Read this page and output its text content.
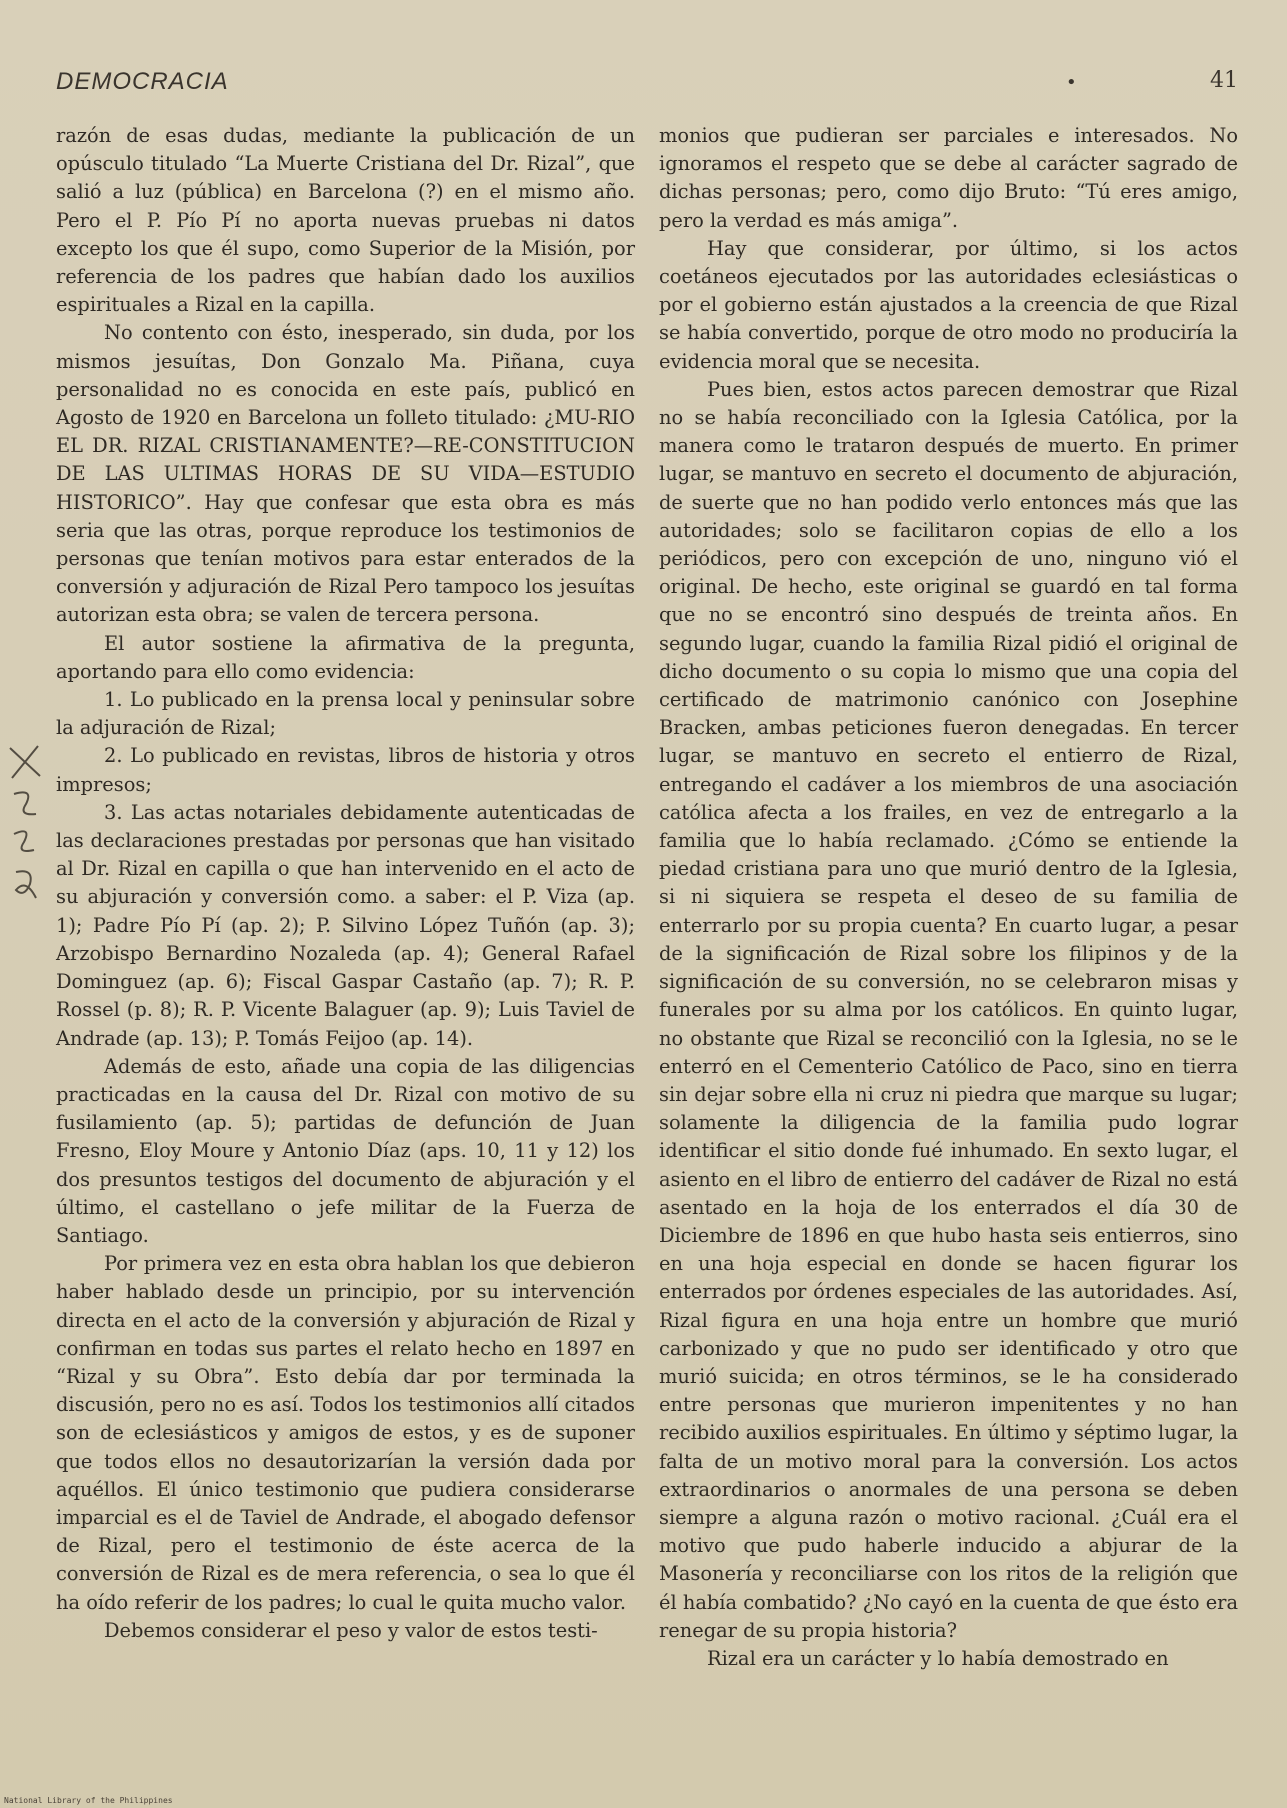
DEMOCRACIA	•	41

razón de esas dudas, mediante la publicación de un opúsculo titulado “La Muerte Cristiana del Dr. Rizal”, que salió a luz (pública) en Barcelona (?) en el mismo año. Pero el P. Pío Pí no aporta nuevas pruebas ni datos excepto los que él supo, como Superior de la Misión, por referencia de los padres que habían dado los auxilios espirituales a Rizal en la capilla.

No contento con ésto, inesperado, sin duda, por los mismos jesuítas, Don Gonzalo Ma. Piñana, cuya personalidad no es conocida en este país, publicó en Agosto de 1920 en Barcelona un folleto titulado: ¿MU-RIO EL DR. RIZAL CRISTIANAMENTE?—RE-CONSTITUCION DE LAS ULTIMAS HORAS DE SU VIDA—ESTUDIO HISTORICO”. Hay que confesar que esta obra es más seria que las otras, porque reproduce los testimonios de personas que tenían motivos para estar enterados de la conversión y adjuración de Rizal Pero tampoco los jesuítas autorizan esta obra; se valen de tercera persona.

El autor sostiene la afirmativa de la pregunta, aportando para ello como evidencia:

1. Lo publicado en la prensa local y peninsular sobre la adjuración de Rizal;

2. Lo publicado en revistas, libros de historia y otros impresos;

3. Las actas notariales debidamente autenticadas de las declaraciones prestadas por personas que han visitado al Dr. Rizal en capilla o que han intervenido en el acto de su abjuración y conversión como. a saber: el P. Viza (ap. 1); Padre Pío Pí (ap. 2); P. Silvino López Tuñón (ap. 3); Arzobispo Bernardino Nozaleda (ap. 4); General Rafael Dominguez (ap. 6); Fiscal Gaspar Castaño (ap. 7); R. P. Rossel (p. 8); R. P. Vicente Balaguer (ap. 9); Luis Taviel de Andrade (ap. 13); P. Tomás Feijoo (ap. 14).

Además de esto, añade una copia de las diligencias practicadas en la causa del Dr. Rizal con motivo de su fusilamiento (ap. 5); partidas de defunción de Juan Fresno, Eloy Moure y Antonio Díaz (aps. 10, 11 y 12) los dos presuntos testigos del documento de abjuración y el último, el castellano o jefe militar de la Fuerza de Santiago.

Por primera vez en esta obra hablan los que debieron haber hablado desde un principio, por su intervención directa en el acto de la conversión y abjuración de Rizal y confirman en todas sus partes el relato hecho en 1897 en “Rizal y su Obra”. Esto debía dar por terminada la discusión, pero no es así. Todos los testimonios allí citados son de eclesiásticos y amigos de estos, y es de suponer que todos ellos no desautorizarían la versión dada por aquéllos. El único testimonio que pudiera considerarse imparcial es el de Taviel de Andrade, el abogado defensor de Rizal, pero el testimonio de éste acerca de la conversión de Rizal es de mera referencia, o sea lo que él ha oído referir de los padres; lo cual le quita mucho valor.

Debemos considerar el peso y valor de estos testi-

monios que pudieran ser parciales e interesados. No ignoramos el respeto que se debe al carácter sagrado de dichas personas; pero, como dijo Bruto: “Tú eres amigo, pero la verdad es más amiga”.

Hay que considerar, por último, si los actos coetáneos ejecutados por las autoridades eclesiásticas o por el gobierno están ajustados a la creencia de que Rizal se había convertido, porque de otro modo no produciría la evidencia moral que se necesita.

Pues bien, estos actos parecen demostrar que Rizal no se había reconciliado con la Iglesia Católica, por la manera como le trataron después de muerto. En primer lugar, se mantuvo en secreto el documento de abjuración, de suerte que no han podido verlo entonces más que las autoridades; solo se facilitaron copias de ello a los periódicos, pero con excepción de uno, ninguno vió el original. De hecho, este original se guardó en tal forma que no se encontró sino después de treinta años. En segundo lugar, cuando la familia Rizal pidió el original de dicho documento o su copia lo mismo que una copia del certificado de matrimonio canónico con Josephine Bracken, ambas peticiones fueron denegadas. En tercer lugar, se mantuvo en secreto el entierro de Rizal, entregando el cadáver a los miembros de una asociación católica afecta a los frailes, en vez de entregarlo a la familia que lo había reclamado. ¿Cómo se entiende la piedad cristiana para uno que murió dentro de la Iglesia, si ni siquiera se respeta el deseo de su familia de enterrarlo por su propia cuenta? En cuarto lugar, a pesar de la significación de Rizal sobre los filipinos y de la significación de su conversión, no se celebraron misas y funerales por su alma por los católicos. En quinto lugar, no obstante que Rizal se reconcilió con la Iglesia, no se le enterró en el Cementerio Católico de Paco, sino en tierra sin dejar sobre ella ni cruz ni piedra que marque su lugar; solamente la diligencia de la familia pudo lograr identificar el sitio donde fué inhumado. En sexto lugar, el asiento en el libro de entierro del cadáver de Rizal no está asentado en la hoja de los enterrados el día 30 de Diciembre de 1896 en que hubo hasta seis entierros, sino en una hoja especial en donde se hacen figurar los enterrados por órdenes especiales de las autoridades. Así, Rizal figura en una hoja entre un hombre que murió carbonizado y que no pudo ser identificado y otro que murió suicida; en otros términos, se le ha considerado entre personas que murieron impenitentes y no han recibido auxilios espirituales. En último y séptimo lugar, la falta de un motivo moral para la conversión. Los actos extraordinarios o anormales de una persona se deben siempre a alguna razón o motivo racional. ¿Cuál era el motivo que pudo haberle inducido a abjurar de la Masonería y reconciliarse con los ritos de la religión que él había combatido? ¿No cayó en la cuenta de que ésto era renegar de su propia historia?

Rizal era un carácter y lo había demostrado en

National Library of the Philippines
